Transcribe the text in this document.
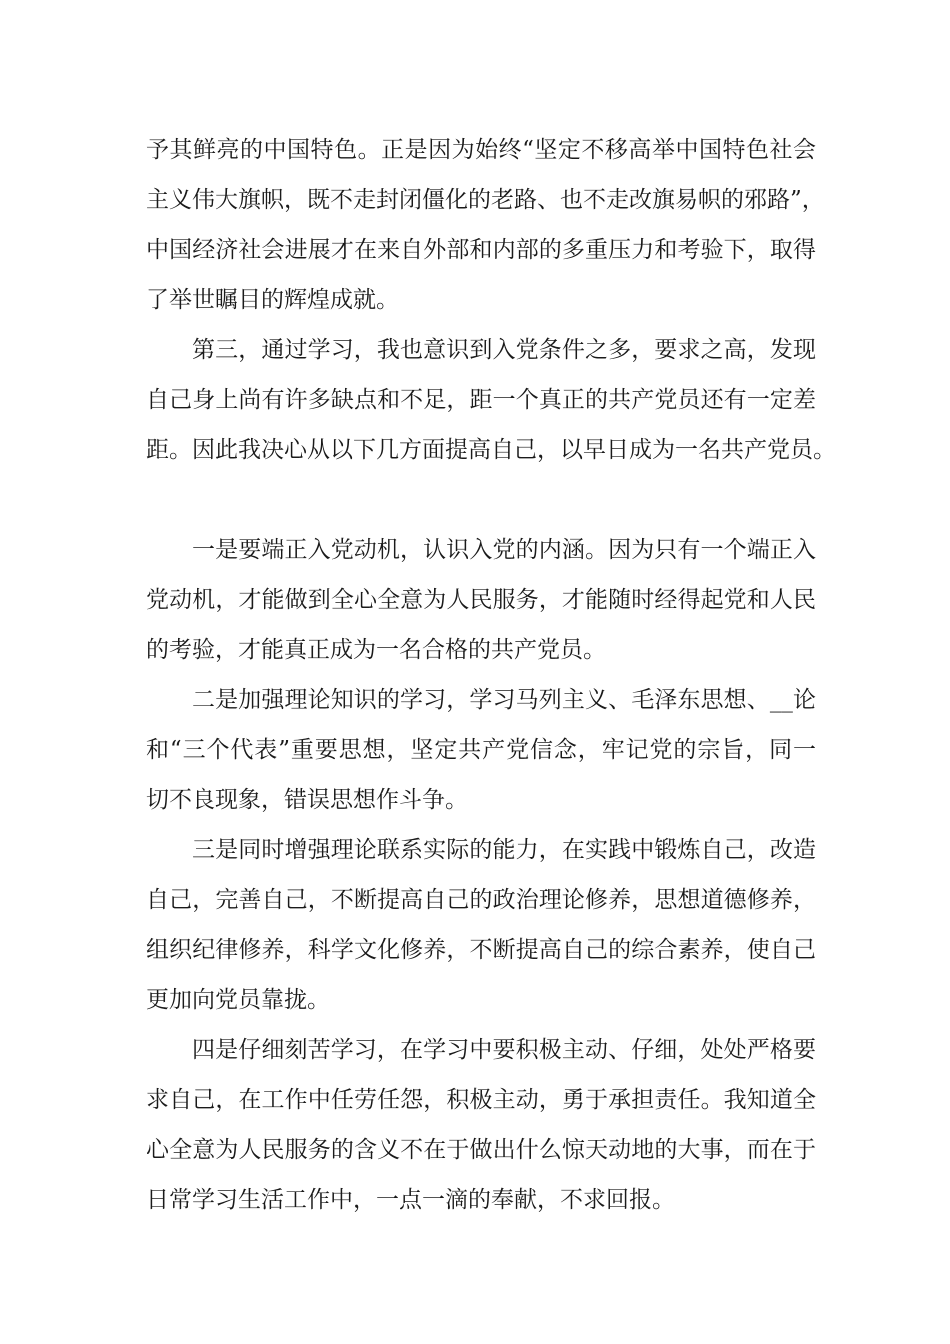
予其鲜亮的中国特色。正是因为始终“坚定不移高举中国特色社会
主义伟大旗帜，既不走封闭僵化的老路、也不走改旗易帜的邪路”，
中国经济社会进展才在来自外部和内部的多重压力和考验下，取得
了举世瞩目的辉煌成就。
第三，通过学习，我也意识到入党条件之多，要求之高，发现
自己身上尚有许多缺点和不足，距一个真正的共产党员还有一定差
距。因此我决心从以下几方面提高自己，以早日成为一名共产党员。
一是要端正入党动机，认识入党的内涵。因为只有一个端正入
党动机，才能做到全心全意为人民服务，才能随时经得起党和人民
的考验，才能真正成为一名合格的共产党员。
二是加强理论知识的学习，学习马列主义、毛泽东思想、__论
和“三个代表”重要思想，坚定共产党信念，牢记党的宗旨，同一
切不良现象，错误思想作斗争。
三是同时增强理论联系实际的能力，在实践中锻炼自己，改造
自己，完善自己，不断提高自己的政治理论修养，思想道德修养，
组织纪律修养，科学文化修养，不断提高自己的综合素养，使自己
更加向党员靠拢。
四是仔细刻苦学习，在学习中要积极主动、仔细，处处严格要
求自己，在工作中任劳任怨，积极主动，勇于承担责任。我知道全
心全意为人民服务的含义不在于做出什么惊天动地的大事，而在于
日常学习生活工作中，一点一滴的奉献，不求回报。
